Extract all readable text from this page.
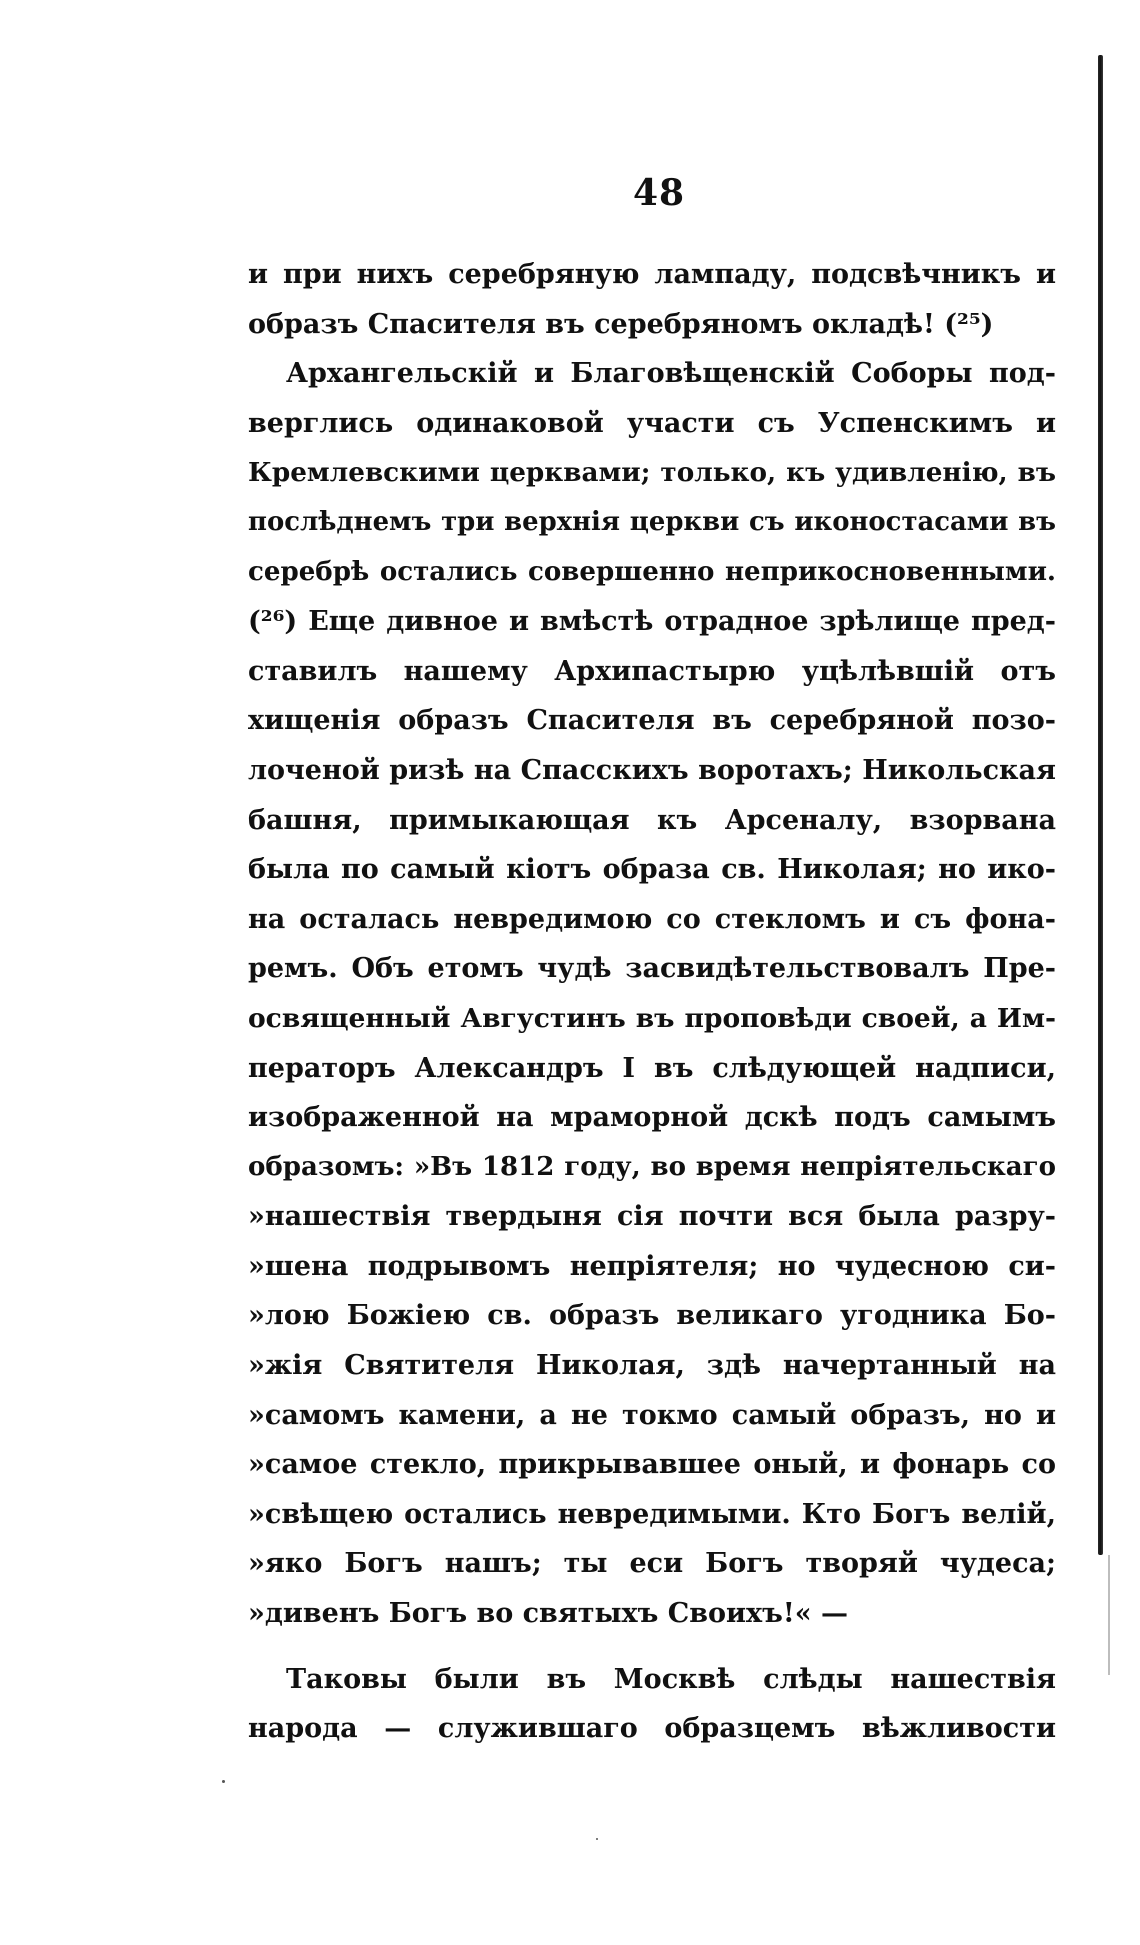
48
и при нихъ серебряную лампаду, подсвѣчникъ и
образъ Спасителя въ серебряномъ окладѣ! (²⁵)
Архангельскій и Благовѣщенскій Соборы под-
верглись одинаковой участи съ Успенскимъ и
Кремлевскими церквами; только, къ удивленію, въ
послѣднемъ три верхнія церкви съ иконостасами въ
серебрѣ остались совершенно неприкосновенными.
(²⁶) Еще дивное и вмѣстѣ отрадное зрѣлище пред-
ставилъ нашему Архипастырю уцѣлѣвшій отъ
хищенія образъ Спасителя въ серебряной позо-
лоченой ризѣ на Спасскихъ воротахъ; Никольская
башня, примыкающая къ Арсеналу, взорвана
была по самый кіотъ образа св. Николая; но ико-
на осталась невредимою со стекломъ и съ фона-
ремъ. Объ етомъ чудѣ засвидѣтельствовалъ Пре-
освященный Августинъ въ проповѣди своей, а Им-
ператоръ Александръ I въ слѣдующей надписи,
изображенной на мраморной дскѣ подъ самымъ
образомъ: »Въ 1812 году, во время непріятельскаго
»нашествія твердыня сія почти вся была разру-
»шена подрывомъ непріятеля; но чудесною си-
»лою Божіею св. образъ великаго угодника Бо-
»жія Святителя Николая, здѣ начертанный на
»самомъ камени, а не токмо самый образъ, но и
»самое стекло, прикрывавшее оный, и фонарь со
»свѣщею остались невредимыми. Кто Богъ велій,
»яко Богъ нашъ; ты еси Богъ творяй чудеса;
»дивенъ Богъ во святыхъ Своихъ!« —
Таковы были въ Москвѣ слѣды нашествія
народа — служившаго образцемъ вѣжливости
